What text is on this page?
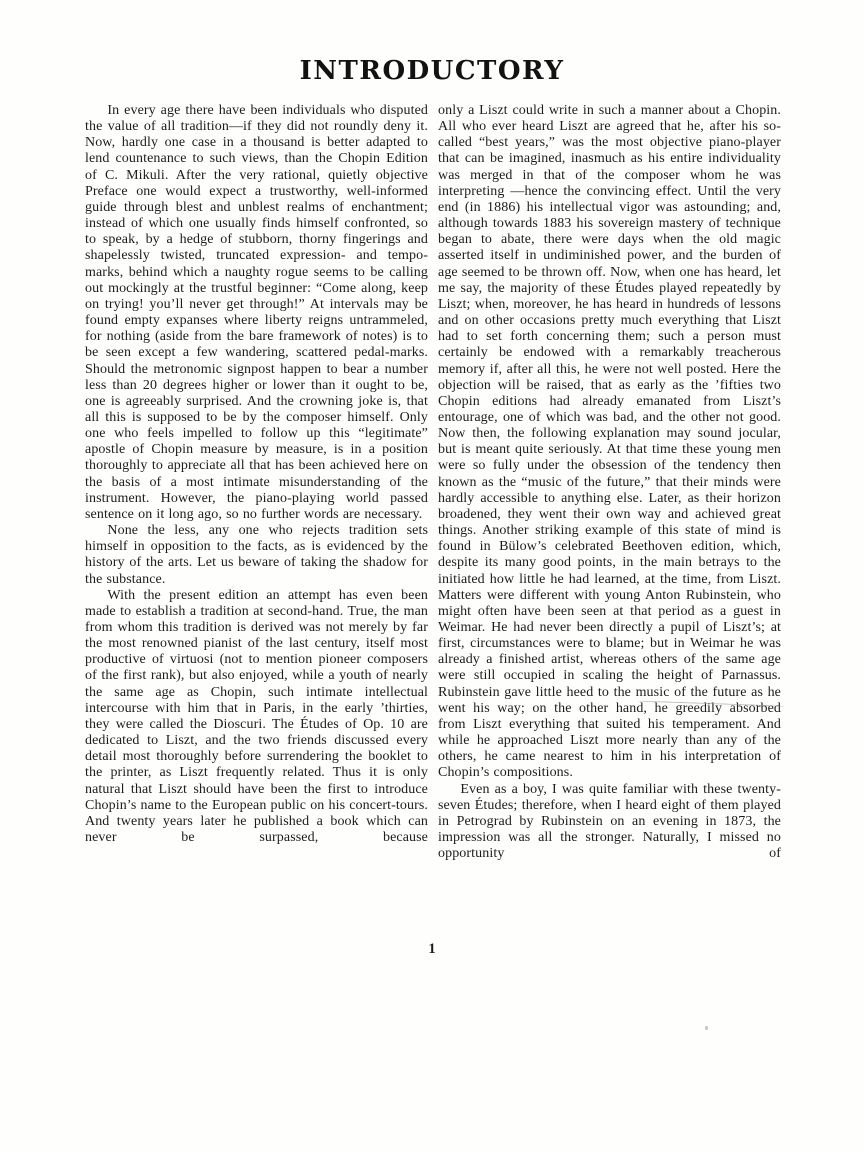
INTRODUCTORY

In every age there have been individuals who disputed the value of all tradition—if they did not roundly deny it. Now, hardly one case in a thousand is better adapted to lend countenance to such views, than the Chopin Edition of C. Mikuli. After the very rational, quietly objective Preface one would expect a trustworthy, well-informed guide through blest and unblest realms of enchantment; instead of which one usually finds himself confronted, so to speak, by a hedge of stubborn, thorny fingerings and shapelessly twisted, truncated expression- and tempo-marks, behind which a naughty rogue seems to be calling out mockingly at the trustful beginner: “Come along, keep on trying! you’ll never get through!” At intervals may be found empty expanses where liberty reigns untrammeled, for nothing (aside from the bare framework of notes) is to be seen except a few wandering, scattered pedal-marks. Should the metronomic signpost happen to bear a number less than 20 degrees higher or lower than it ought to be, one is agreeably surprised. And the crowning joke is, that all this is supposed to be by the composer himself. Only one who feels impelled to follow up this “legitimate” apostle of Chopin measure by measure, is in a position thoroughly to appreciate all that has been achieved here on the basis of a most intimate misunderstanding of the instrument. However, the piano-playing world passed sentence on it long ago, so no further words are necessary.

None the less, any one who rejects tradition sets himself in opposition to the facts, as is evidenced by the history of the arts. Let us beware of taking the shadow for the substance.

With the present edition an attempt has even been made to establish a tradition at second-hand. True, the man from whom this tradition is derived was not merely by far the most renowned pianist of the last century, itself most productive of virtuosi (not to mention pioneer composers of the first rank), but also enjoyed, while a youth of nearly the same age as Chopin, such intimate intellectual intercourse with him that in Paris, in the early ’thirties, they were called the Dioscuri. The Études of Op. 10 are dedicated to Liszt, and the two friends discussed every detail most thoroughly before surrendering the booklet to the printer, as Liszt frequently related. Thus it is only natural that Liszt should have been the first to introduce Chopin’s name to the European public on his concert-tours. And twenty years later he published a book which can never be surpassed, because

only a Liszt could write in such a manner about a Chopin. All who ever heard Liszt are agreed that he, after his so-called “best years,” was the most objective piano-player that can be imagined, inasmuch as his entire individuality was merged in that of the composer whom he was interpreting —hence the convincing effect. Until the very end (in 1886) his intellectual vigor was astounding; and, although towards 1883 his sovereign mastery of technique began to abate, there were days when the old magic asserted itself in undiminished power, and the burden of age seemed to be thrown off. Now, when one has heard, let me say, the majority of these Études played repeatedly by Liszt; when, moreover, he has heard in hundreds of lessons and on other occasions pretty much everything that Liszt had to set forth concerning them; such a person must certainly be endowed with a remarkably treacherous memory if, after all this, he were not well posted. Here the objection will be raised, that as early as the ’fifties two Chopin editions had already emanated from Liszt’s entourage, one of which was bad, and the other not good. Now then, the following explanation may sound jocular, but is meant quite seriously. At that time these young men were so fully under the obsession of the tendency then known as the “music of the future,” that their minds were hardly accessible to anything else. Later, as their horizon broadened, they went their own way and achieved great things. Another striking example of this state of mind is found in Bülow’s celebrated Beethoven edition, which, despite its many good points, in the main betrays to the initiated how little he had learned, at the time, from Liszt. Matters were different with young Anton Rubinstein, who might often have been seen at that period as a guest in Weimar. He had never been directly a pupil of Liszt’s; at first, circumstances were to blame; but in Weimar he was already a finished artist, whereas others of the same age were still occupied in scaling the height of Parnassus. Rubinstein gave little heed to the music of the future as he went his way; on the other hand, he greedily absorbed from Liszt everything that suited his temperament. And while he approached Liszt more nearly than any of the others, he came nearest to him in his interpretation of Chopin’s compositions.

Even as a boy, I was quite familiar with these twenty-seven Études; therefore, when I heard eight of them played in Petrograd by Rubinstein on an evening in 1873, the impression was all the stronger. Naturally, I missed no opportunity of

1
